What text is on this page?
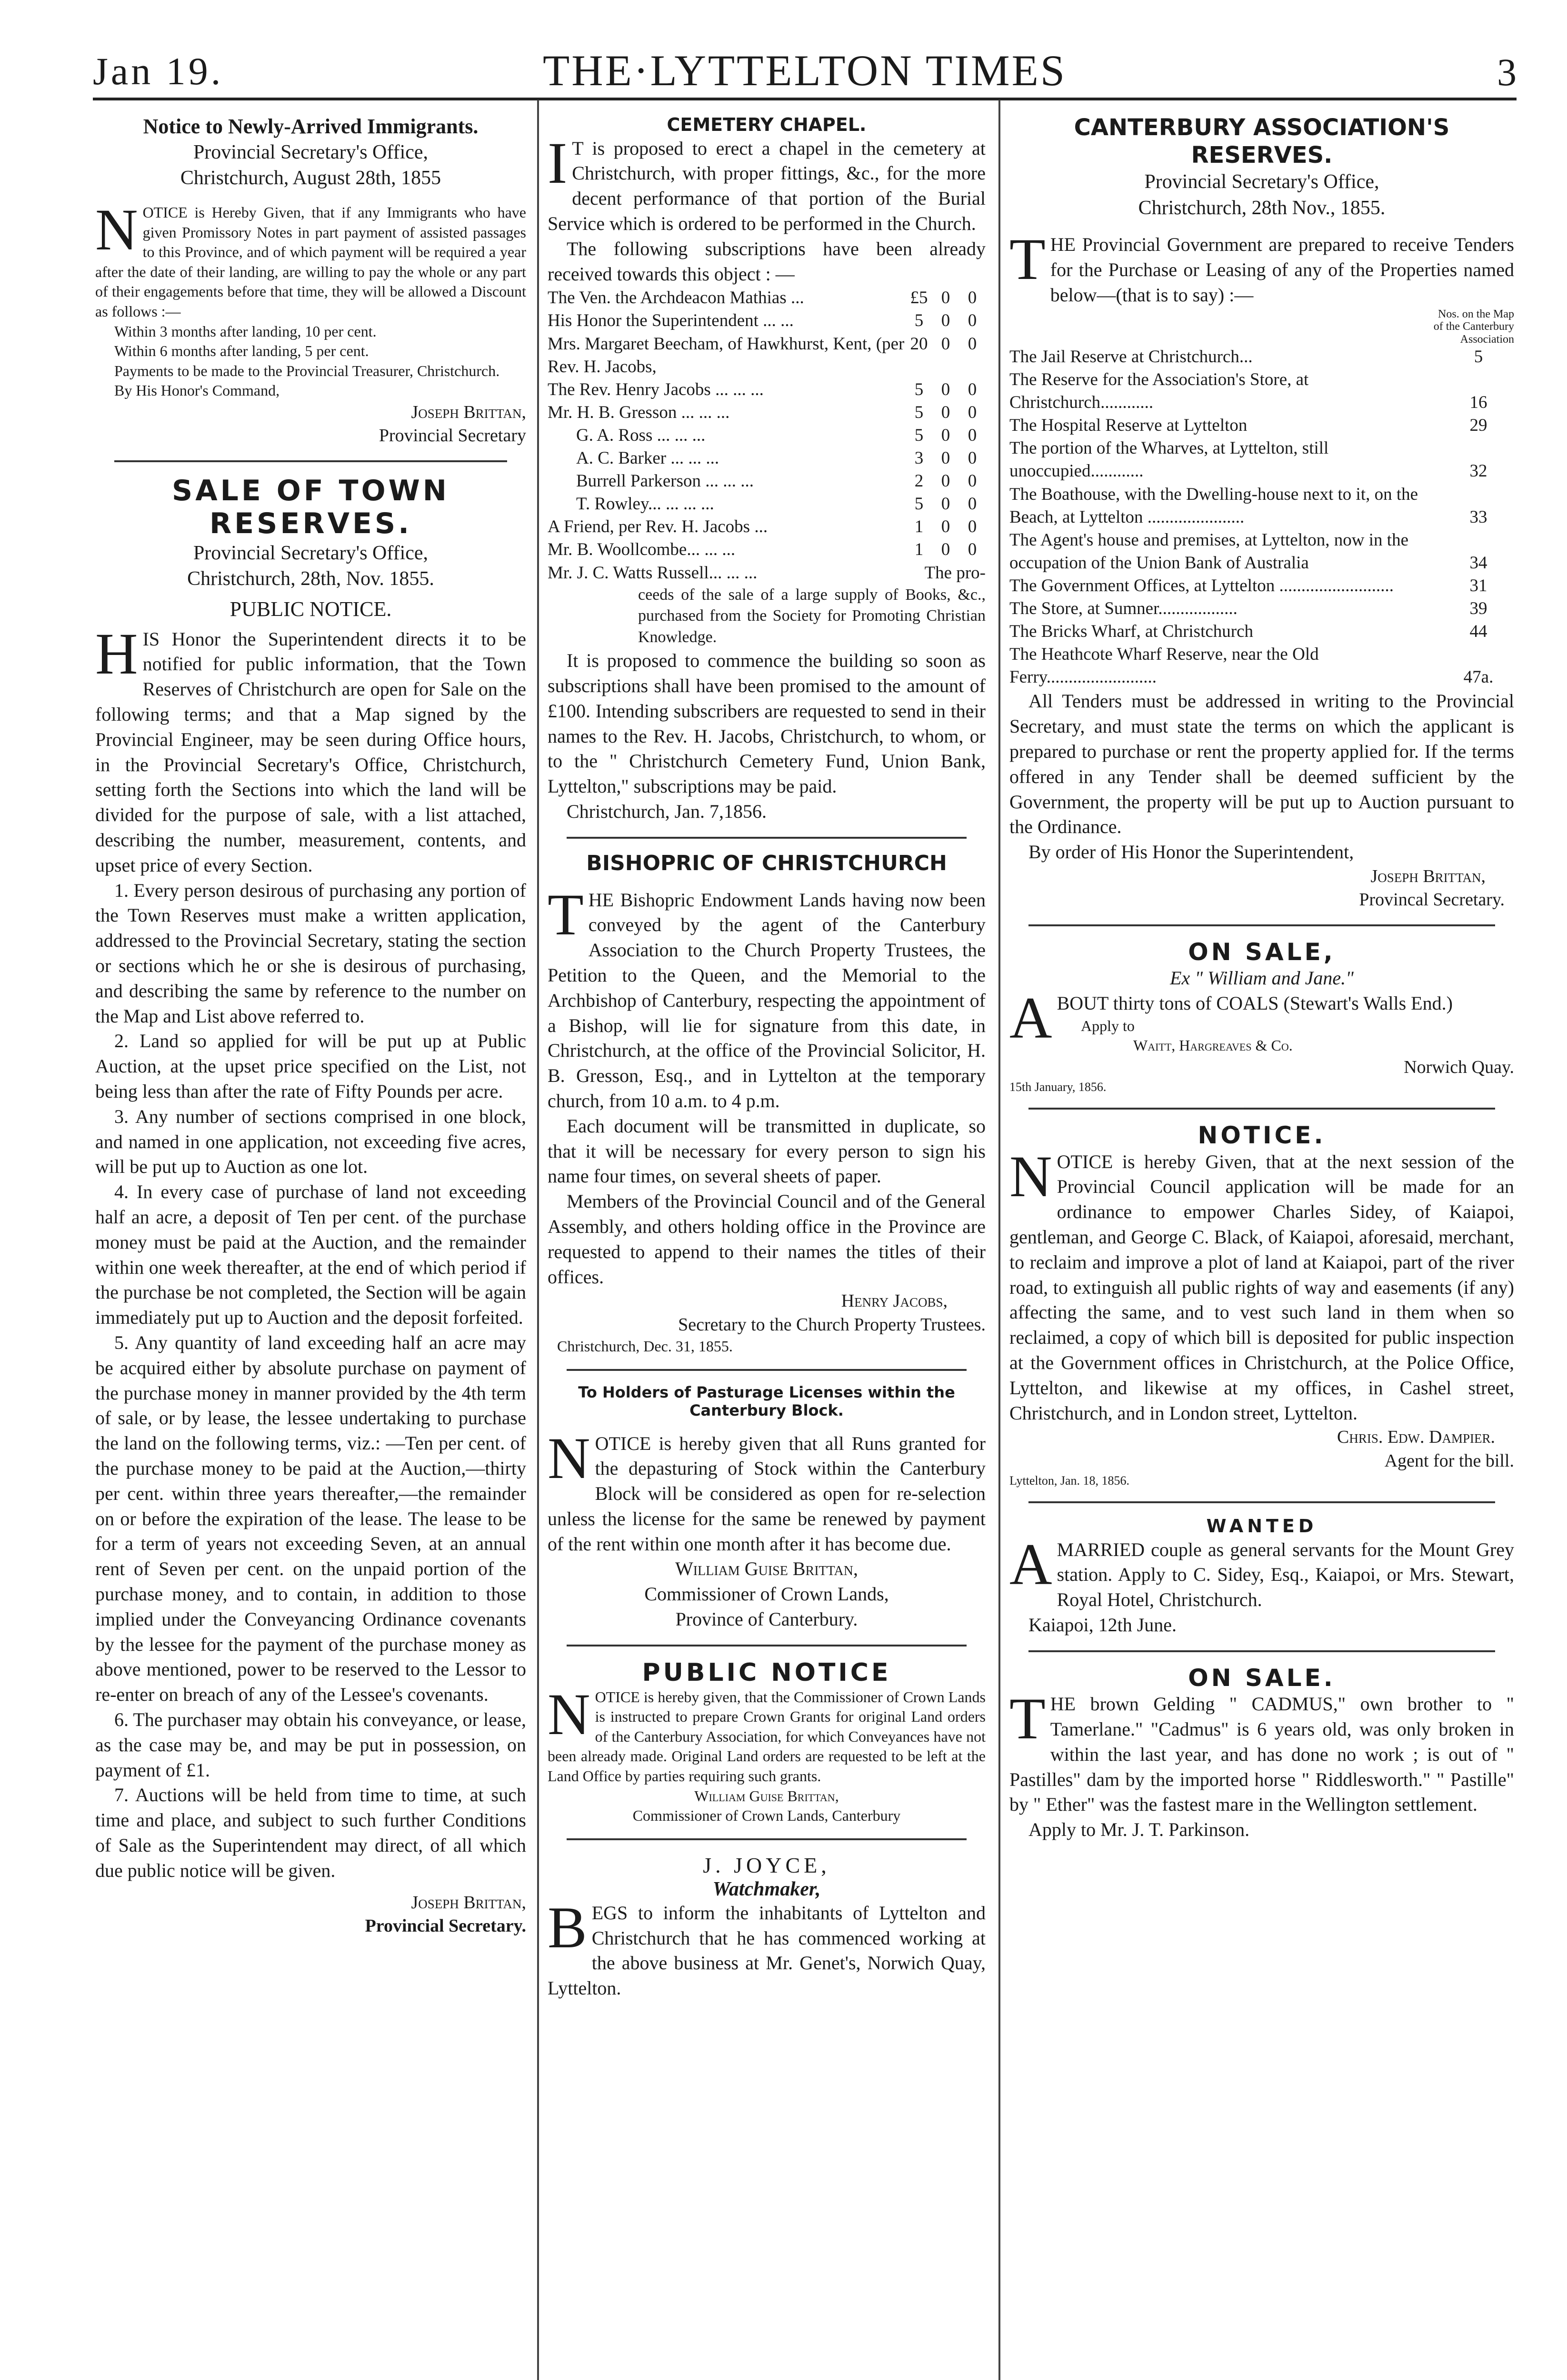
Jan 19.	THE·LYTTELTON TIMES	3
Notice to Newly-Arrived Immigrants.
Provincial Secretary's Office,
Christchurch, August 28th, 1855

NOTICE is Hereby Given, that if any Immigrants who have given Promissory Notes in part payment of assisted passages to this Province, and of which payment will be required a year after the date of their landing, are willing to pay the whole or any part of their engagements before that time, they will be allowed a Discount as follows :—

Within 3 months after landing, 10 per cent.

Within 6 months after landing, 5 per cent.

Payments to be made to the Provincial Treasurer, Christchurch.

By His Honor's Command,

Joseph Brittan,
Provincial Secretary
SALE OF TOWN RESERVES.
Provincial Secretary's Office,
Christchurch, 28th, Nov. 1855.
PUBLIC NOTICE.

HIS Honor the Superintendent directs it to be notified for public information, that the Town Reserves of Christchurch are open for Sale on the following terms; and that a Map signed by the Provincial Engineer, may be seen during Office hours, in the Provincial Secretary's Office, Christchurch, setting forth the Sections into which the land will be divided for the purpose of sale, with a list attached, describing the number, measurement, contents, and upset price of every Section.

1. Every person desirous of purchasing any portion of the Town Reserves must make a written application, addressed to the Provincial Secretary, stating the section or sections which he or she is desirous of purchasing, and describing the same by reference to the number on the Map and List above referred to.

2. Land so applied for will be put up at Public Auction, at the upset price specified on the List, not being less than after the rate of Fifty Pounds per acre.

3. Any number of sections comprised in one block, and named in one application, not exceeding five acres, will be put up to Auction as one lot.

4. In every case of purchase of land not exceeding half an acre, a deposit of Ten per cent. of the purchase money must be paid at the Auction, and the remainder within one week thereafter, at the end of which period if the purchase be not completed, the Section will be again immediately put up to Auction and the deposit forfeited.

5. Any quantity of land exceeding half an acre may be acquired either by absolute purchase on payment of the purchase money in manner provided by the 4th term of sale, or by lease, the lessee undertaking to purchase the land on the following terms, viz.: —Ten per cent. of the purchase money to be paid at the Auction,—thirty per cent. within three years thereafter,—the remainder on or before the expiration of the lease. The lease to be for a term of years not exceeding Seven, at an annual rent of Seven per cent. on the unpaid portion of the purchase money, and to contain, in addition to those implied under the Conveyancing Ordinance covenants by the lessee for the payment of the purchase money as above mentioned, power to be reserved to the Lessor to re-enter on breach of any of the Lessee's covenants.

6. The purchaser may obtain his conveyance, or lease, as the case may be, and may be put in possession, on payment of £1.

7. Auctions will be held from time to time, at such time and place, and subject to such further Conditions of Sale as the Superintendent may direct, of all which due public notice will be given.

Joseph Brittan,
Provincial Secretary.
CEMETERY CHAPEL.

I T is proposed to erect a chapel in the cemetery at Christchurch, with proper fittings, &c., for the more decent performance of that portion of the Burial Service which is ordered to be performed in the Church.

The following subscriptions have been already received towards this object : —

The Ven. the Archdeacon Mathias ...	£5	0	0
His Honor the Superintendent ... ...	5	0	0
Mrs. Margaret Beecham, of Hawkhurst, Kent, (per Rev. H. Jacobs,	20	0	0
The Rev. Henry Jacobs ... ... ...	5	0	0
Mr. H. B. Gresson ... ... ...	5	0	0
G. A. Ross ... ... ...	5	0	0
A. C. Barker ... ... ...	3	0	0
Burrell Parkerson ... ... ...	2	0	0
T. Rowley... ... ... ...	5	0	0
A Friend, per Rev. H. Jacobs ...	1	0	0
Mr. B. Woollcombe... ... ...	1	0	0
Mr. J. C. Watts Russell... ... ...	The pro-		

ceeds of the sale of a large supply of Books, &c., purchased from the Society for Promoting Christian Knowledge.

It is proposed to commence the building so soon as subscriptions shall have been promised to the amount of £100. Intending subscribers are requested to send in their names to the Rev. H. Jacobs, Christchurch, to whom, or to the " Christchurch Cemetery Fund, Union Bank, Lyttelton," subscriptions may be paid.

Christchurch, Jan. 7,1856.

BISHOPRIC OF CHRISTCHURCH

THE Bishopric Endowment Lands having now been conveyed by the agent of the Canterbury Association to the Church Property Trustees, the Petition to the Queen, and the Memorial to the Archbishop of Canterbury, respecting the appointment of a Bishop, will lie for signature from this date, in Christchurch, at the office of the Provincial Solicitor, H. B. Gresson, Esq., and in Lyttelton at the temporary church, from 10 a.m. to 4 p.m.

Each document will be transmitted in duplicate, so that it will be necessary for every person to sign his name four times, on several sheets of paper.

Members of the Provincial Council and of the General Assembly, and others holding office in the Province are requested to append to their names the titles of their offices.

Henry Jacobs,
Secretary to the Church Property Trustees.
Christchurch, Dec. 31, 1855.
To Holders of Pasturage Licenses within the Canterbury Block.

NOTICE is hereby given that all Runs granted for the depasturing of Stock within the Canterbury Block will be considered as open for re-selection unless the license for the same be renewed by payment of the rent within one month after it has become due.

William Guise Brittan,
Commissioner of Crown Lands,
Province of Canterbury.
PUBLIC NOTICE

NOTICE is hereby given, that the Commissioner of Crown Lands is instructed to prepare Crown Grants for original Land orders of the Canterbury Association, for which Conveyances have not been already made. Original Land orders are requested to be left at the Land Office by parties requiring such grants.

William Guise Brittan,
Commissioner of Crown Lands, Canterbury
J. JOYCE,
Watchmaker,

BEGS to inform the inhabitants of Lyttelton and Christchurch that he has commenced working at the above business at Mr. Genet's, Norwich Quay, Lyttelton.

CANTERBURY ASSOCIATION'S RESERVES.
Provincial Secretary's Office,
Christchurch, 28th Nov., 1855.

THE Provincial Government are prepared to receive Tenders for the Purchase or Leasing of any of the Properties named below—(that is to say) :—

Nos. on the Map of the Canterbury Association
The Jail Reserve at Christchurch...	5
The Reserve for the Association's Store, at Christchurch............	16
The Hospital Reserve at Lyttelton	29
The portion of the Wharves, at Lyttelton, still unoccupied............	32
The Boathouse, with the Dwelling-house next to it, on the Beach, at Lyttelton ......................	33
The Agent's house and premises, at Lyttelton, now in the occupation of the Union Bank of Australia	34
The Government Offices, at Lyttelton ..........................	31
The Store, at Sumner..................	39
The Bricks Wharf, at Christchurch	44
The Heathcote Wharf Reserve, near the Old Ferry.........................	47a.

All Tenders must be addressed in writing to the Provincial Secretary, and must state the terms on which the applicant is prepared to purchase or rent the property applied for. If the terms offered in any Tender shall be deemed sufficient by the Government, the property will be put up to Auction pursuant to the Ordinance.

By order of His Honor the Superintendent,

Joseph Brittan,
Provincal Secretary.
ON SALE,
Ex " William and Jane."

ABOUT thirty tons of COALS (Stewart's Walls End.)

Apply to
Waitt, Hargreaves & Co.
Norwich Quay.
15th January, 1856.
NOTICE.

NOTICE is hereby Given, that at the next session of the Provincial Council application will be made for an ordinance to empower Charles Sidey, of Kaiapoi, gentleman, and George C. Black, of Kaiapoi, aforesaid, merchant, to reclaim and improve a plot of land at Kaiapoi, part of the river road, to extinguish all public rights of way and easements (if any) affecting the same, and to vest such land in them when so reclaimed, a copy of which bill is deposited for public inspection at the Government offices in Christchurch, at the Police Office, Lyttelton, and likewise at my offices, in Cashel street, Christchurch, and in London street, Lyttelton.

Chris. Edw. Dampier.
Agent for the bill.
Lyttelton, Jan. 18, 1856.
WANTED

AMARRIED couple as general servants for the Mount Grey station. Apply to C. Sidey, Esq., Kaiapoi, or Mrs. Stewart, Royal Hotel, Christchurch.

Kaiapoi, 12th June.
ON SALE.

THE brown Gelding " CADMUS," own brother to " Tamerlane." "Cadmus" is 6 years old, was only broken in within the last year, and has done no work ; is out of " Pastilles" dam by the imported horse " Riddlesworth." " Pastille" by " Ether" was the fastest mare in the Wellington settlement.

Apply to Mr. J. T. Parkinson.
